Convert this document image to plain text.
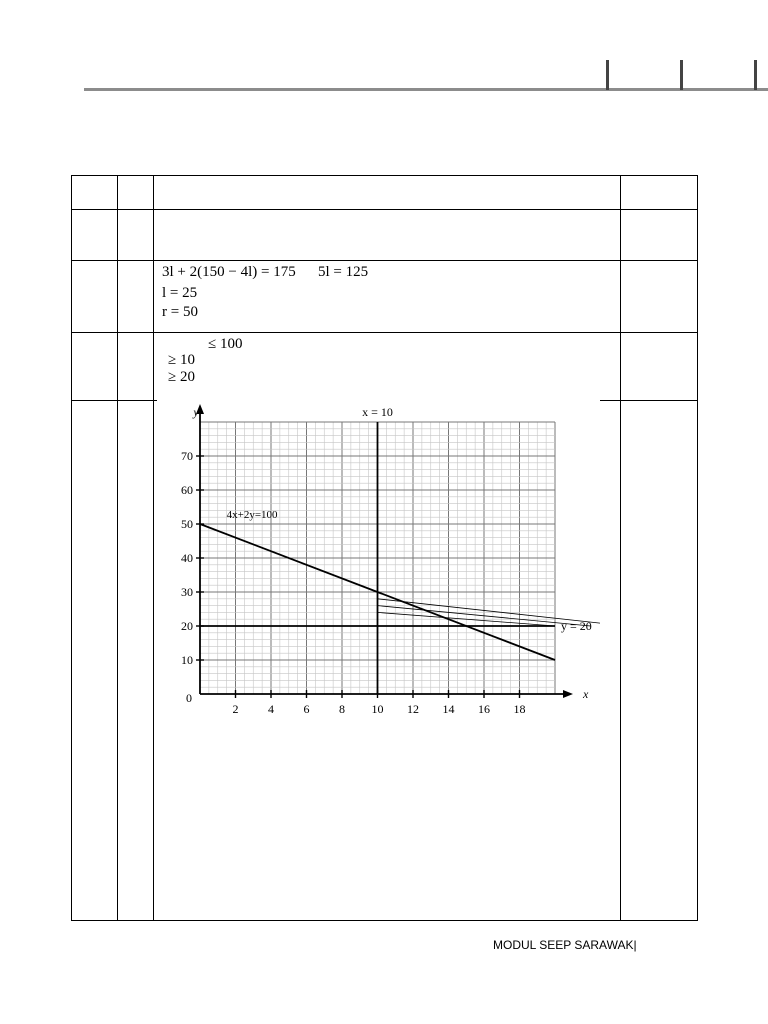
3l + 2(150 − 4l) = 175 5l = 125
l = 25
r = 50
≤ 100
≥ 10
≥ 20
2 4 6 8 10 12 14 16 18
10
20
30
40
50
60
70
0
y
x
4x+2y=100
x = 10
y = 20
MODUL SEEP SARAWAK|
